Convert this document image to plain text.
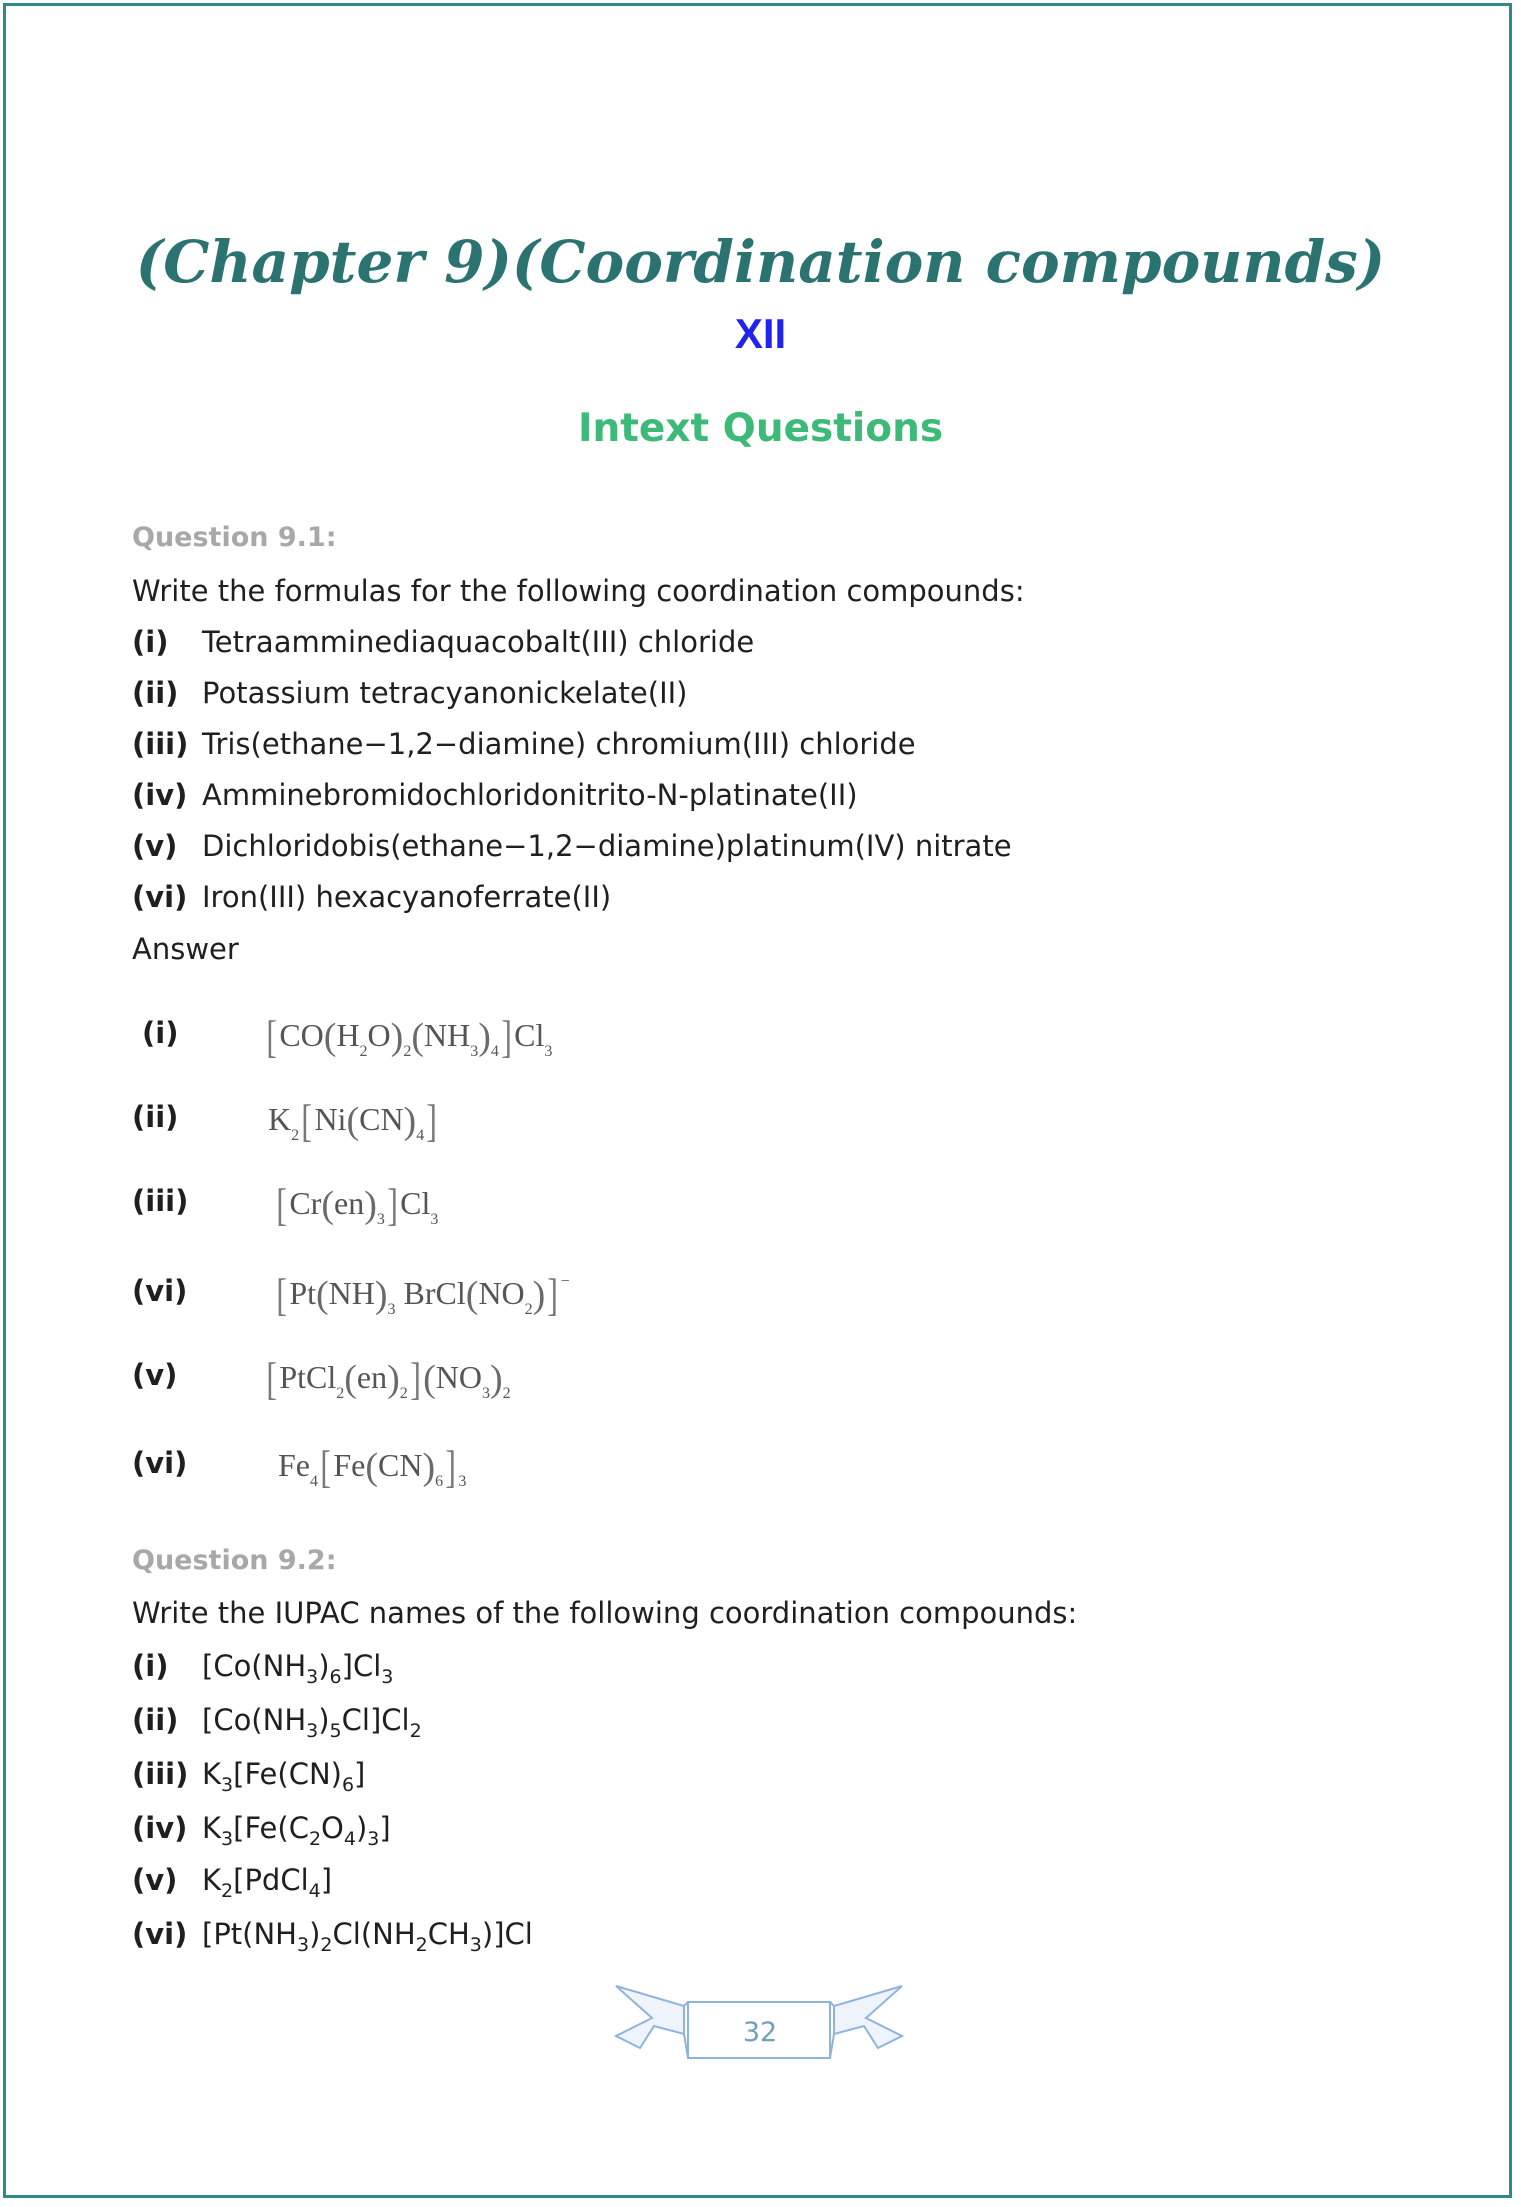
(Chapter 9)(Coordination compounds)
XII
Intext Questions
Question 9.1:
Write the formulas for the following coordination compounds:
(i) Tetraamminediaquacobalt(III) chloride
(ii) Potassium tetracyanonickelate(II)
(iii) Tris(ethane−1,2−diamine) chromium(III) chloride
(iv) Amminebromidochloridonitrito-N-platinate(II)
(v) Dichloridobis(ethane−1,2−diamine)platinum(IV) nitrate
(vi) Iron(III) hexacyanoferrate(II)
Answer
(i) $[CO(H_2O)_2(NH_3)_4]Cl_3$
(ii)	$K_2[Ni(CN)_4]$
(iii) $[Cr(en)_3]Cl_3$
(vi) [$Pt(NH)_3$ $BrCl(NO_2)$] −
(v) $[PtCl_2(en)_2](NO_3)_2$
(vi)	$Fe_4[Fe(CN)_6]$ $_3$
Question 9.2:
Write the IUPAC names of the following coordination compounds:
(i) $[Co(NH_3)_6]Cl_3$
(ii) $[Co(NH_3)_5Cl]Cl_2$
(iii) $K_3[Fe(CN)_6]$
(iv) $K_3[Fe(C_2O_4)_3]$
(v) $K_2[PdCl_4]$
(vi) $[Pt(NH_3)_2Cl(NH_2CH_3)]Cl$
32
